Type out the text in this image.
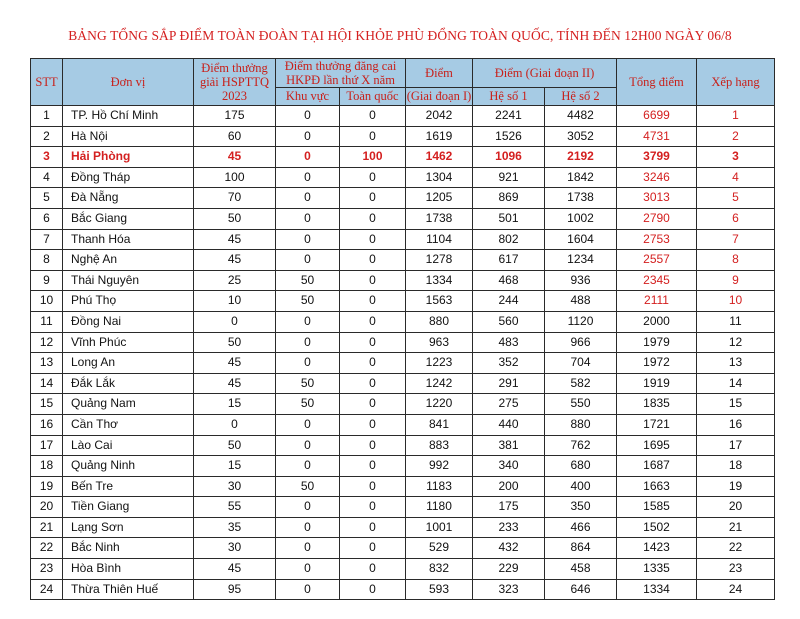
BẢNG TỔNG SẮP ĐIỂM TOÀN ĐOÀN TẠI HỘI KHỎE PHÙ ĐỔNG TOÀN QUỐC, TÍNH ĐẾN 12H00 NGÀY 06/8
STT	Đơn vị	Điểm thưởng giải HSPTTQ 2023	Điểm thưởng đăng cai HKPĐ lần thứ X năm		Điểm	Điểm (Giai đoạn II)		Tổng điểm	Xếp hạng
			Khu vực	Toàn quốc	(Giai đoạn I)	Hệ số 1	Hệ số 2		
1	TP. Hồ Chí Minh	175	0	0	2042	2241	4482	6699	1
2	Hà Nội	60	0	0	1619	1526	3052	4731	2
3	Hải Phòng	45	0	100	1462	1096	2192	3799	3
4	Đồng Tháp	100	0	0	1304	921	1842	3246	4
5	Đà Nẵng	70	0	0	1205	869	1738	3013	5
6	Bắc Giang	50	0	0	1738	501	1002	2790	6
7	Thanh Hóa	45	0	0	1104	802	1604	2753	7
8	Nghệ An	45	0	0	1278	617	1234	2557	8
9	Thái Nguyên	25	50	0	1334	468	936	2345	9
10	Phú Thọ	10	50	0	1563	244	488	2111	10
11	Đồng Nai	0	0	0	880	560	1120	2000	11
12	Vĩnh Phúc	50	0	0	963	483	966	1979	12
13	Long An	45	0	0	1223	352	704	1972	13
14	Đắk Lắk	45	50	0	1242	291	582	1919	14
15	Quảng Nam	15	50	0	1220	275	550	1835	15
16	Cần Thơ	0	0	0	841	440	880	1721	16
17	Lào Cai	50	0	0	883	381	762	1695	17
18	Quảng Ninh	15	0	0	992	340	680	1687	18
19	Bến Tre	30	50	0	1183	200	400	1663	19
20	Tiền Giang	55	0	0	1180	175	350	1585	20
21	Lạng Sơn	35	0	0	1001	233	466	1502	21
22	Bắc Ninh	30	0	0	529	432	864	1423	22
23	Hòa Bình	45	0	0	832	229	458	1335	23
24	Thừa Thiên Huế	95	0	0	593	323	646	1334	24
